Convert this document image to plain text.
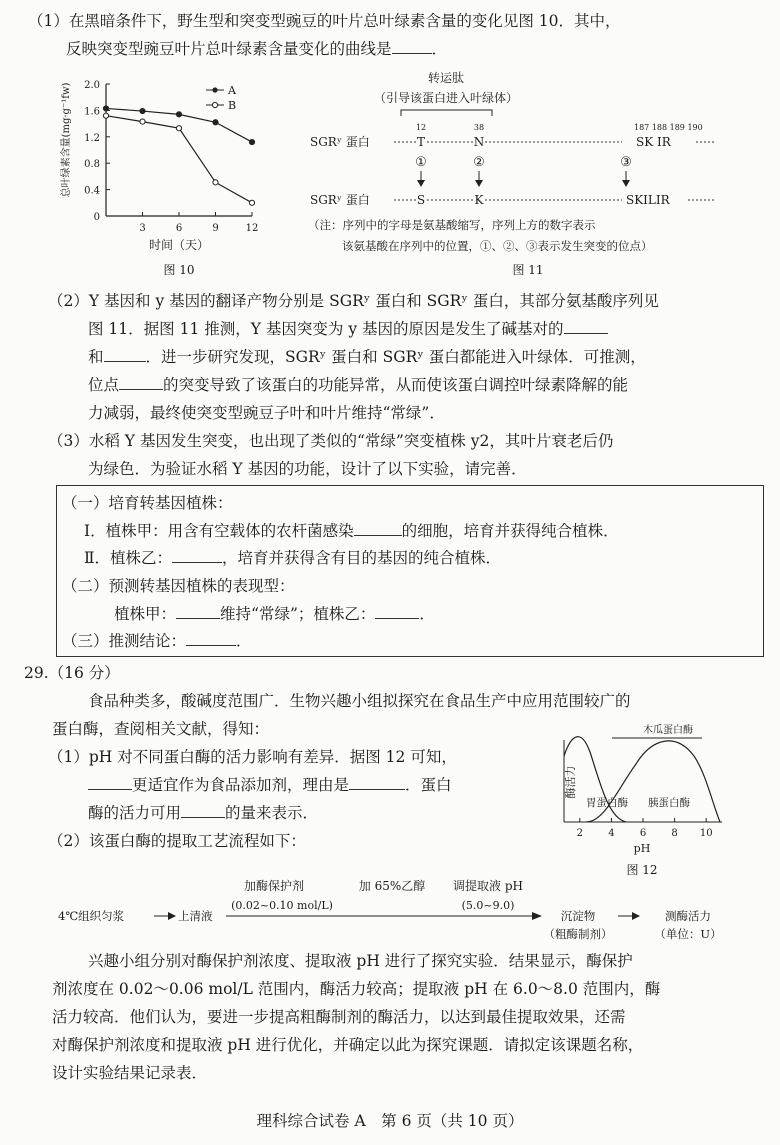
（1）在黑暗条件下，野生型和突变型豌豆的叶片总叶绿素含量的变化见图 10．其中，
反映突变型豌豆叶片总叶绿素含量变化的曲线是	．
总叶绿素含量(mg·g⁻¹fw)
0
0.4
0.8
1.2
1.6
2.0
3	6	9	12
A
B
时间（天）
图 10
转运肽
（引导该蛋白进入叶绿体）
12	38	187 188 189 190
SGRʸ 蛋白	T	N	SK IR
①	②	③
SGRʸ 蛋白	S	K	SKILIR
（注：序列中的字母是氨基酸缩写，序列上方的数字表示
该氨基酸在序列中的位置，①、②、③表示发生突变的位点）
图 11
（2）Y 基因和 y 基因的翻译产物分别是 SGRʸ 蛋白和 SGRʸ 蛋白，其部分氨基酸序列见
图 11．据图 11 推测，Y 基因突变为 y 基因的原因是发生了碱基对的
和	．进一步研究发现，SGRʸ 蛋白和 SGRʸ 蛋白都能进入叶绿体．可推测，
位点	的突变导致了该蛋白的功能异常，从而使该蛋白调控叶绿素降解的能
力减弱，最终使突变型豌豆子叶和叶片维持“常绿”．
（3）水稻 Y 基因发生突变，也出现了类似的“常绿”突变植株 y2，其叶片衰老后仍
为绿色．为验证水稻 Y 基因的功能，设计了以下实验，请完善．
（一）培育转基因植株：
Ⅰ．植株甲：用含有空载体的农杆菌感染	的细胞，培育并获得纯合植株．
Ⅱ．植株乙：	，培育并获得含有目的基因的纯合植株．
（二）预测转基因植株的表现型：
植株甲：	维持“常绿”；植株乙：	．
（三）推测结论：	．
29.（16 分）
食品种类多，酸碱度范围广．生物兴趣小组拟探究在食品生产中应用范围较广的
蛋白酶，查阅相关文献，得知：
（1）pH 对不同蛋白酶的活力影响有差异．据图 12 可知，
更适宜作为食品添加剂，理由是	．蛋白
酶的活力可用	的量来表示．
（2）该蛋白酶的提取工艺流程如下：
酶活力
木瓜蛋白酶
胃蛋白酶 胰蛋白酶
2	4	6	8 10
pH
图 12
加酶保护剂	加 65%乙醇 调提取液 pH
4℃组织匀浆	上清液
(0.02~0.10 mol/L)	(5.0~9.0)
沉淀物
（粗酶制剂）
测酶活力
（单位：U）
兴趣小组分别对酶保护剂浓度、提取液 pH 进行了探究实验．结果显示，酶保护
剂浓度在 0.02～0.06 mol/L 范围内，酶活力较高；提取液 pH 在 6.0～8.0 范围内，酶
活力较高．他们认为，要进一步提高粗酶制剂的酶活力，以达到最佳提取效果，还需
对酶保护剂浓度和提取液 pH 进行优化，并确定以此为探究课题．请拟定该课题名称，
设计实验结果记录表．
理科综合试卷 A　第 6 页（共 10 页）
